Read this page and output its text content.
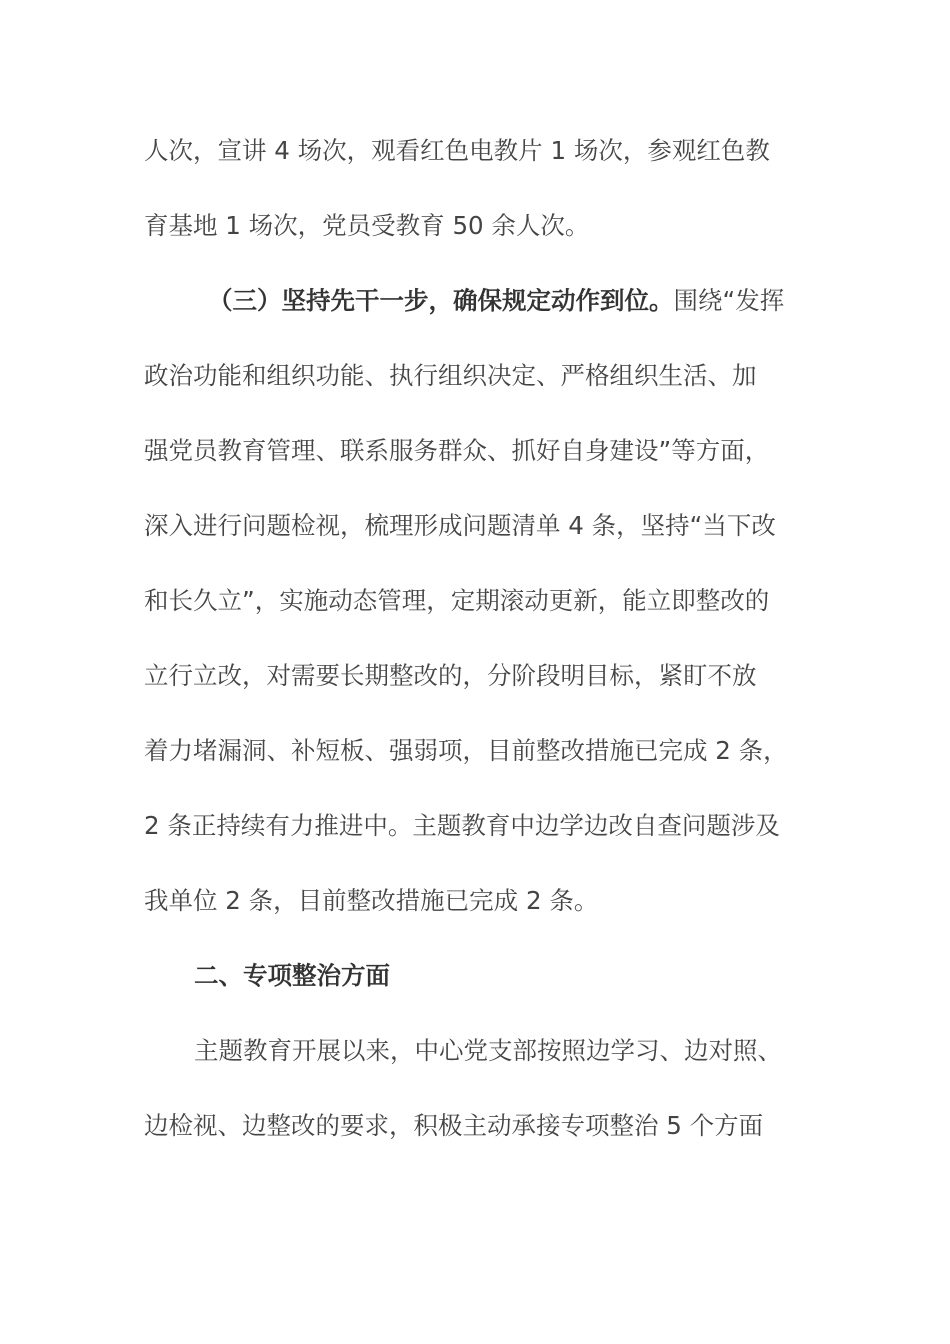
人次，宣讲 4 场次，观看红色电教片 1 场次，参观红色教
育基地 1 场次，党员受教育 50 余人次。
（三）坚持先干一步，确保规定动作到位。围绕“发挥
政治功能和组织功能、执行组织决定、严格组织生活、加
强党员教育管理、联系服务群众、抓好自身建设”等方面，
深入进行问题检视，梳理形成问题清单 4 条，坚持“当下改
和长久立”，实施动态管理，定期滚动更新，能立即整改的
立行立改，对需要长期整改的，分阶段明目标，紧盯不放
着力堵漏洞、补短板、强弱项，目前整改措施已完成 2 条，
2 条正持续有力推进中。主题教育中边学边改自查问题涉及
我单位 2 条，目前整改措施已完成 2 条。
二、专项整治方面
主题教育开展以来，中心党支部按照边学习、边对照、
边检视、边整改的要求，积极主动承接专项整治 5 个方面
